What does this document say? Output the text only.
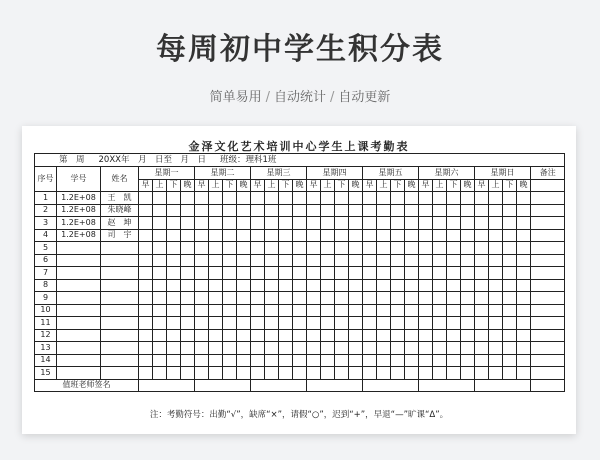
每周初中学生积分表
简单易用 / 自动统计 / 自动更新
金泽文化艺术培训中心学生上课考勤表
第　周 20XX年　月　日至　月　日 班级：理科1班																															
序号	学号	姓名	星期一				星期二				星期三				星期四				星期五				星期六				星期日				备注
			早	上	下	晚	早	上	下	晚	早	上	下	晚	早	上	下	晚	早	上	下	晚	早	上	下	晚	早	上	下	晚	
1	1.2E+08	王　凯																													
2	1.2E+08	朱晓峰																													
3	1.2E+08	赵　坤																													
4	1.2E+08	司　宇																													
5																															
6																															
7																															
8																															
9																															
10																															
11																															
12																															
13																															
14																															
15																															
值班老师签名																															
注：考勤符号：出勤“√”，缺席“×”，请假“○”，迟到“+”，早退“—”旷课“Δ”。
